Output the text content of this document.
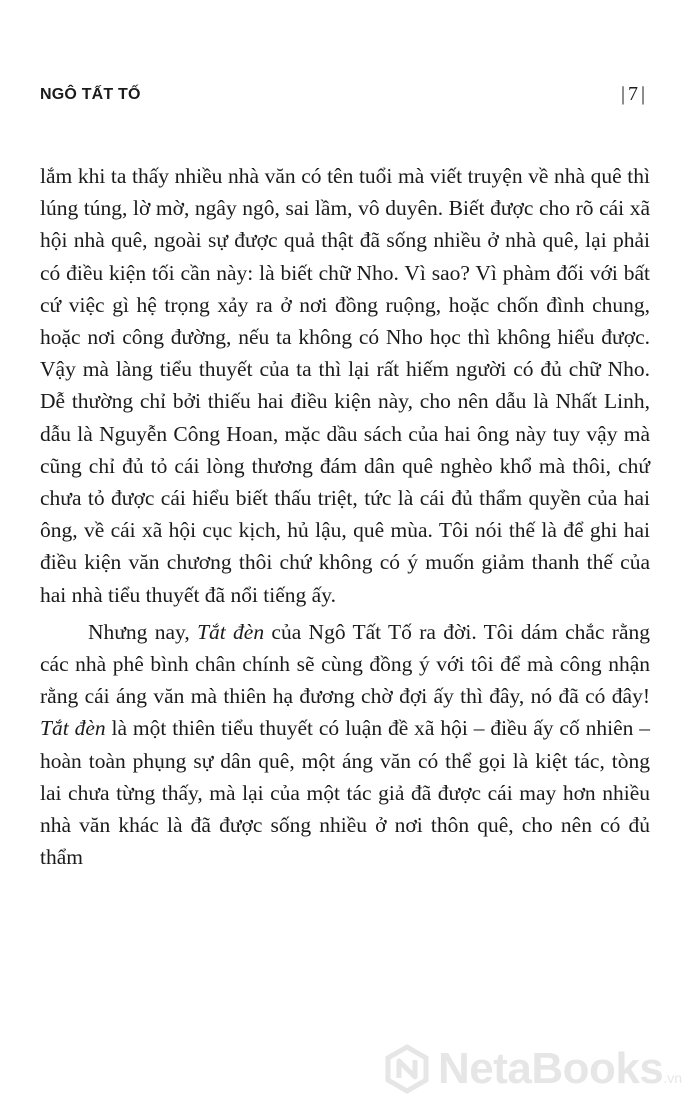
NGÔ TẤT TỐ	| 7 |

lắm khi ta thấy nhiều nhà văn có tên tuổi mà viết truyện về nhà quê thì lúng túng, lờ mờ, ngây ngô, sai lầm, vô duyên. Biết được cho rõ cái xã hội nhà quê, ngoài sự được quả thật đã sống nhiều ở nhà quê, lại phải có điều kiện tối cần này: là biết chữ Nho. Vì sao? Vì phàm đối với bất cứ việc gì hệ trọng xảy ra ở nơi đồng ruộng, hoặc chốn đình chung, hoặc nơi công đường, nếu ta không có Nho học thì không hiểu được. Vậy mà làng tiểu thuyết của ta thì lại rất hiếm người có đủ chữ Nho. Dễ thường chỉ bởi thiếu hai điều kiện này, cho nên dẫu là Nhất Linh, dẫu là Nguyễn Công Hoan, mặc dầu sách của hai ông này tuy vậy mà cũng chỉ đủ tỏ cái lòng thương đám dân quê nghèo khổ mà thôi, chứ chưa tỏ được cái hiểu biết thấu triệt, tức là cái đủ thẩm quyền của hai ông, về cái xã hội cục kịch, hủ lậu, quê mùa. Tôi nói thế là để ghi hai điều kiện văn chương thôi chứ không có ý muốn giảm thanh thế của hai nhà tiểu thuyết đã nổi tiếng ấy.

Nhưng nay, Tắt đèn của Ngô Tất Tố ra đời. Tôi dám chắc rằng các nhà phê bình chân chính sẽ cùng đồng ý với tôi để mà công nhận rằng cái áng văn mà thiên hạ đương chờ đợi ấy thì đây, nó đã có đây! Tắt đèn là một thiên tiểu thuyết có luận đề xã hội – điều ấy cố nhiên – hoàn toàn phụng sự dân quê, một áng văn có thể gọi là kiệt tác, tòng lai chưa từng thấy, mà lại của một tác giả đã được cái may hơn nhiều nhà văn khác là đã được sống nhiều ở nơi thôn quê, cho nên có đủ thẩm

NetaBooks .vn
